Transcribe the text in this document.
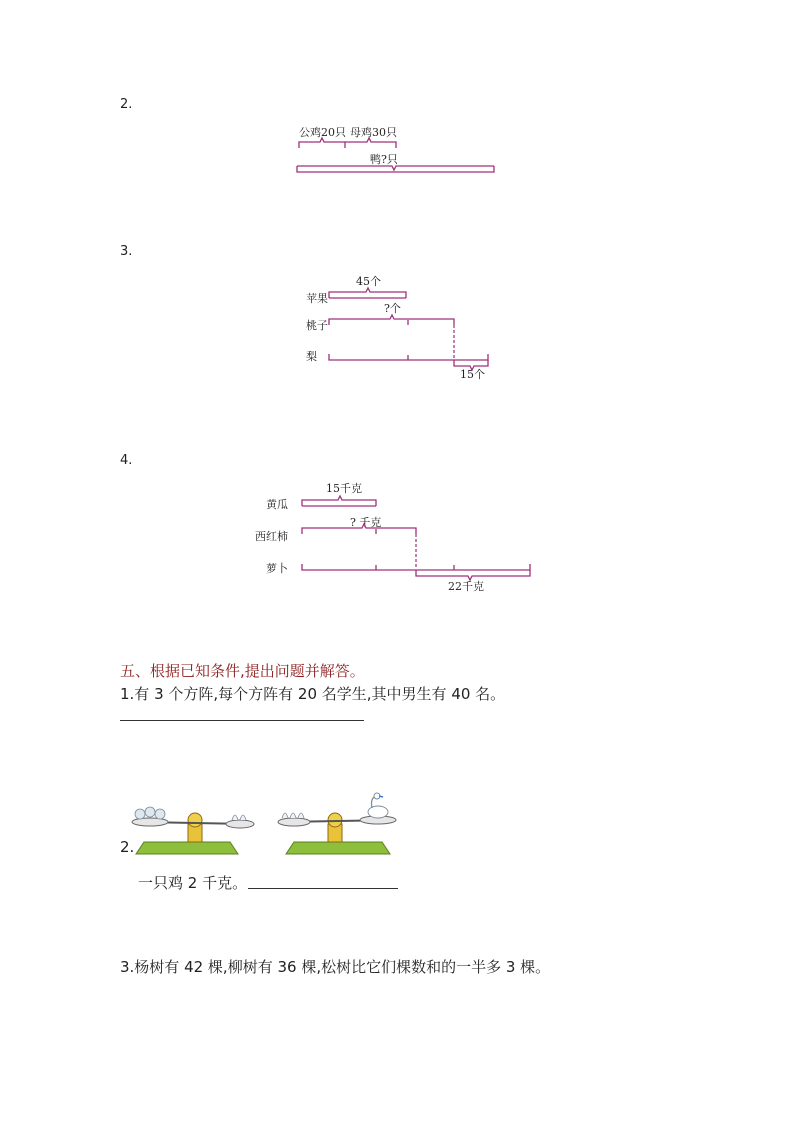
2.
公鸡20只 母鸡30只
鸭?只
3.
45个
苹果
?个
桃子
梨
15个
4.
15千克
黄瓜
? 千克
西红柿
萝卜
22千克
五、根据已知条件,提出问题并解答。
1.有 3 个方阵,每个方阵有 20 名学生,其中男生有 40 名。
2.
一只鸡 2 千克。
3.杨树有 42 棵,柳树有 36 棵,松树比它们棵数和的一半多 3 棵。
